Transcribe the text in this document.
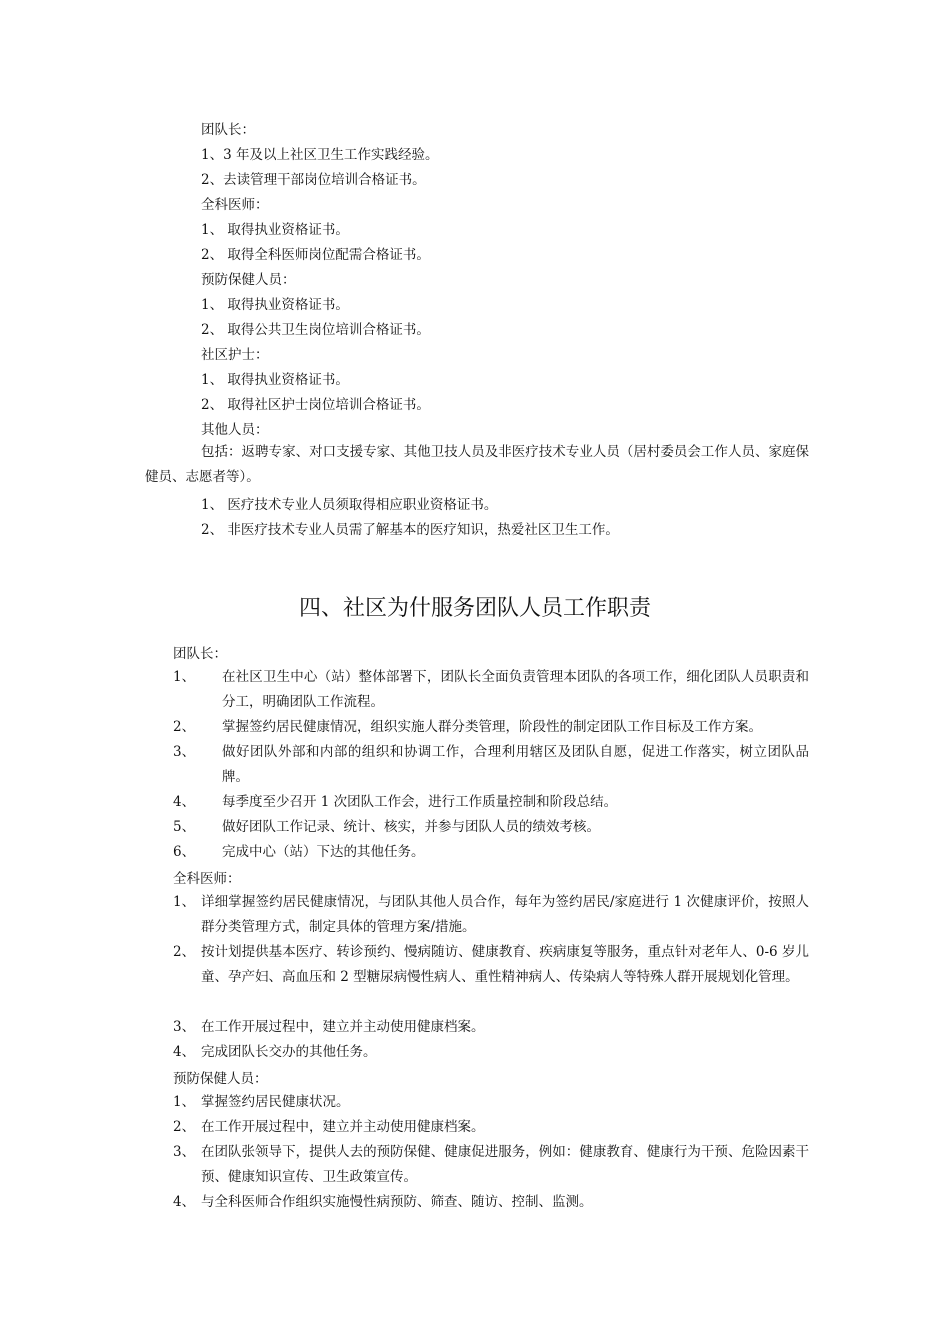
团队长：
1、3 年及以上社区卫生工作实践经验。
2、去读管理干部岗位培训合格证书。
全科医师：
1、 取得执业资格证书。
2、 取得全科医师岗位配需合格证书。
预防保健人员：
1、 取得执业资格证书。
2、 取得公共卫生岗位培训合格证书。
社区护士：
1、 取得执业资格证书。
2、 取得社区护士岗位培训合格证书。
其他人员：
包括：返聘专家、对口支援专家、其他卫技人员及非医疗技术专业人员（居村委员会工作人员、家庭保健员、志愿者等）。
1、 医疗技术专业人员须取得相应职业资格证书。
2、 非医疗技术专业人员需了解基本的医疗知识，热爱社区卫生工作。
四、社区为什服务团队人员工作职责
团队长：
1、 在社区卫生中心（站）整体部署下，团队长全面负责管理本团队的各项工作，细化团队人员职责和分工，明确团队工作流程。
2、 掌握签约居民健康情况，组织实施人群分类管理，阶段性的制定团队工作目标及工作方案。
3、 做好团队外部和内部的组织和协调工作，合理利用辖区及团队自愿，促进工作落实，树立团队品牌。
4、 每季度至少召开 1 次团队工作会，进行工作质量控制和阶段总结。
5、 做好团队工作记录、统计、核实，并参与团队人员的绩效考核。
6、 完成中心（站）下达的其他任务。
全科医师：
1、 详细掌握签约居民健康情况，与团队其他人员合作，每年为签约居民/家庭进行 1 次健康评价，按照人群分类管理方式，制定具体的管理方案/措施。
2、 按计划提供基本医疗、转诊预约、慢病随访、健康教育、疾病康复等服务，重点针对老年人、0-6 岁儿童、孕产妇、高血压和 2 型糖尿病慢性病人、重性精神病人、传染病人等特殊人群开展规划化管理。
3、 在工作开展过程中，建立并主动使用健康档案。
4、 完成团队长交办的其他任务。
预防保健人员：
1、 掌握签约居民健康状况。
2、 在工作开展过程中，建立并主动使用健康档案。
3、 在团队张领导下，提供人去的预防保健、健康促进服务，例如：健康教育、健康行为干预、危险因素干预、健康知识宣传、卫生政策宣传。
4、 与全科医师合作组织实施慢性病预防、筛查、随访、控制、监测。
